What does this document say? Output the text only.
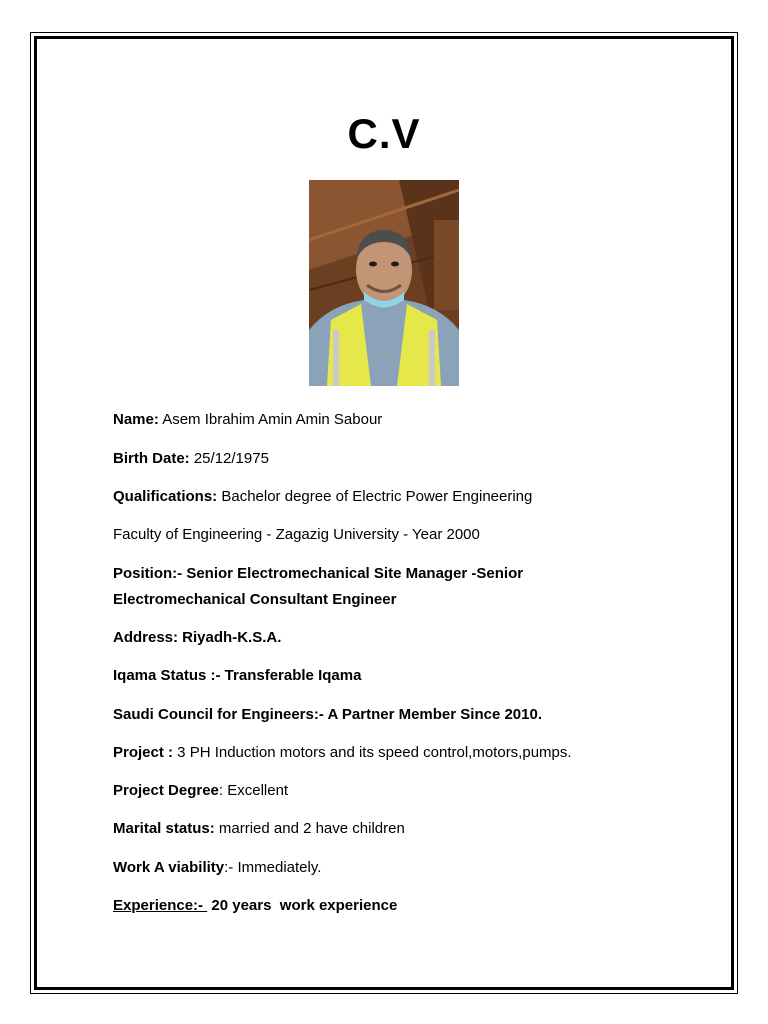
C.V
Name: Asem Ibrahim Amin Amin Sabour
Birth Date: 25/12/1975
Qualifications: Bachelor degree of Electric Power Engineering
Faculty of Engineering - Zagazig University - Year 2000
Position:- Senior Electromechanical Site Manager -Senior
Electromechanical Consultant Engineer
Address: Riyadh-K.S.A.
Iqama Status :- Transferable Iqama
Saudi Council for Engineers:- A Partner Member Since 2010.
Project : 3 PH Induction motors and its speed control,motors,pumps.
Project Degree: Excellent
Marital status: married and 2 have children
Work A viability:- Immediately.
Experience:-  20 years  work experience
